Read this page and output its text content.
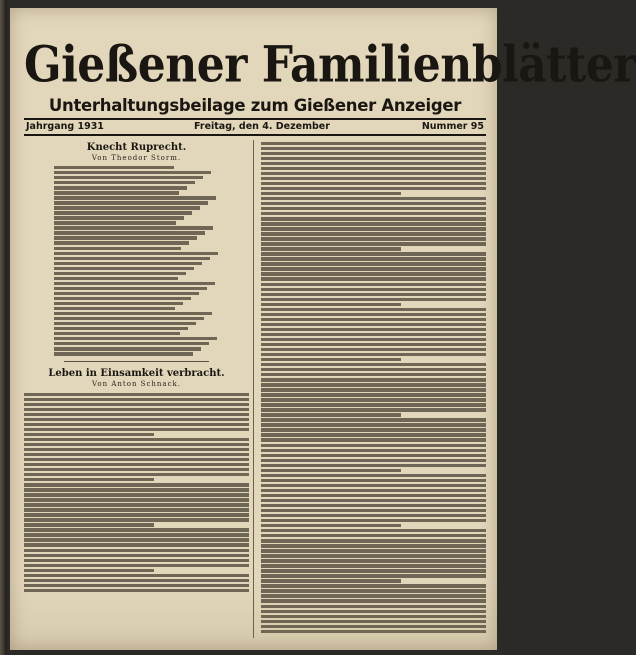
Gießener Familienblätter
Unterhaltungsbeilage zum Gießener Anzeiger
Jahrgang 1931	Freitag, den 4. Dezember	Nummer 95
Knecht Ruprecht.
Von Theodor Storm.
Leben in Einsamkeit verbracht.
Von Anton Schnack.
